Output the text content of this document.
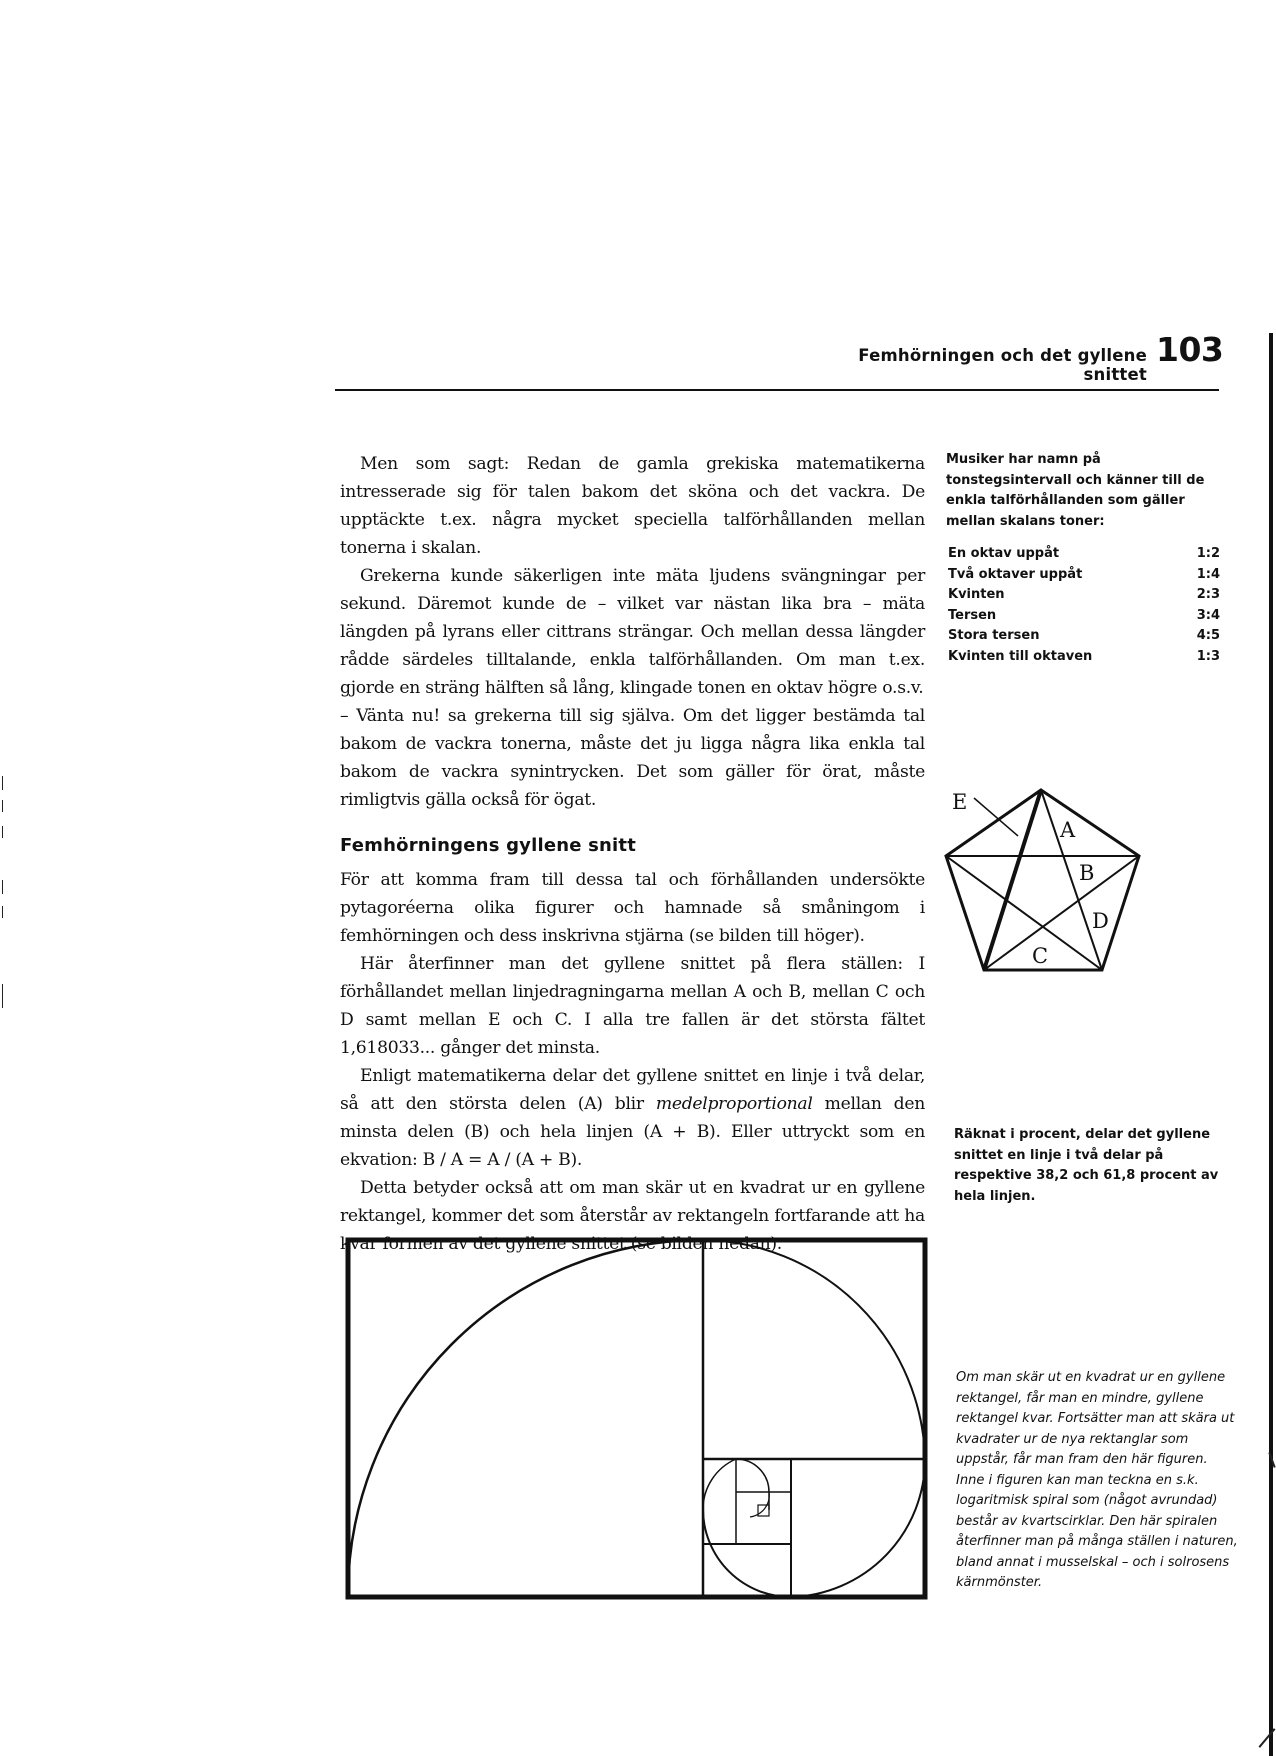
Femhörningen och det gyllene snittet
103

Men som sagt: Redan de gamla grekiska matematikerna intresserade sig för talen bakom det sköna och det vackra. De upptäckte t.ex. några mycket speciella talförhållanden mellan tonerna i skalan.

Grekerna kunde säkerligen inte mäta ljudens svängningar per sekund. Däremot kunde de – vilket var nästan lika bra – mäta längden på lyrans eller cittrans strängar. Och mellan dessa längder rådde särdeles tilltalande, enkla talförhållanden. Om man t.ex. gjorde en sträng hälften så lång, klingade tonen en oktav högre o.s.v.

– Vänta nu! sa grekerna till sig själva. Om det ligger bestämda tal bakom de vackra tonerna, måste det ju ligga några lika enkla tal bakom de vackra synintrycken. Det som gäller för örat, måste rimligtvis gälla också för ögat.

Femhörningens gyllene snitt

För att komma fram till dessa tal och förhållanden undersökte pytagoréerna olika figurer och hamnade så småningom i femhörningen och dess inskrivna stjärna (se bilden till höger).

Här återfinner man det gyllene snittet på flera ställen: I förhållandet mellan linjedragningarna mellan A och B, mellan C och D samt mellan E och C. I alla tre fallen är det största fältet 1,618033... gånger det minsta.

Enligt matematikerna delar det gyllene snittet en linje i två delar, så att den största delen (A) blir medelproportional mellan den minsta delen (B) och hela linjen (A + B). Eller uttryckt som en ekvation: B / A = A / (A + B).

Detta betyder också att om man skär ut en kvadrat ur en gyllene rektangel, kommer det som återstår av rektangeln fortfarande att ha kvar formen av det gyllene snittet (se bilden nedan).

Musiker har namn på tonstegsintervall och känner till de enkla talförhållanden som gäller mellan skalans toner:
En oktav uppåt	1:2
Två oktaver uppåt	1:4
Kvinten	2:3
Tersen	3:4
Stora tersen	4:5
Kvinten till oktaven	1:3
E
A
B
D
C
Räknat i procent, delar det gyllene snittet en linje i två delar på respektive 38,2 och 61,8 procent av hela linjen.
Om man skär ut en kvadrat ur en gyllene rektangel, får man en mindre, gyllene rektangel kvar. Fortsätter man att skära ut kvadrater ur de nya rektanglar som uppstår, får man fram den här figuren. Inne i figuren kan man teckna en s.k. logaritmisk spiral som (något avrundad) består av kvartscirklar. Den här spiralen återfinner man på många ställen i naturen, bland annat i musselskal – och i solrosens kärnmönster.
